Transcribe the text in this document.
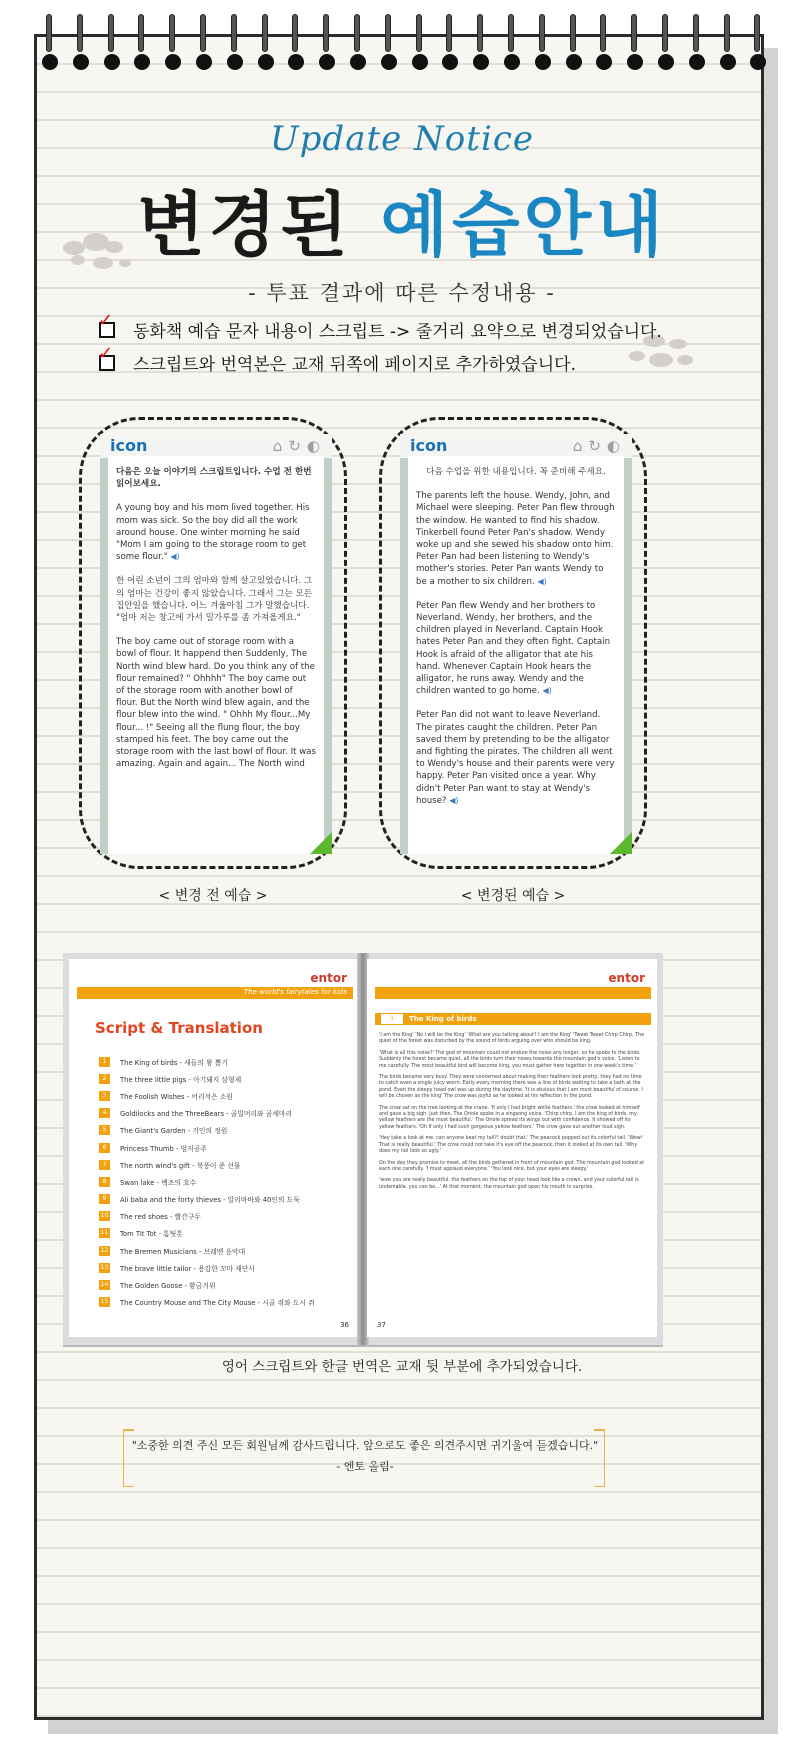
Update Notice
변경된 예습안내
- 투표 결과에 따른 수정내용 -
✓
동화책 예습 문자 내용이 스크립트 -> 줄거리 요약으로 변경되었습니다.
✓
스크립트와 번역본은 교재 뒤쪽에 페이지로 추가하였습니다.
icon	⌂↻◐

다음은 오늘 이야기의 스크립트입니다. 수업 전 한번 읽어보세요.

A young boy and his mom lived together. His mom was sick. So the boy did all the work around house. One winter morning he said "Mom I am going to the storage room to get some flour." ◀)

한 어린 소년이 그의 엄마와 함께 살고있었습니다. 그의 엄마는 건강이 좋지 않았습니다. 그래서 그는 모든 집안일을 했습니다. 어느 겨울아침 그가 말했습니다. "엄마 저는 창고에 가서 밀가루를 좀 가져올게요."

The boy came out of storage room with a bowl of flour. It happend then Suddenly, The North wind blew hard. Do you think any of the flour remained? " Ohhhh" The boy came out of the storage room with another bowl of flour. But the North wind blew again, and the flour blew into the wind. " Ohhh My flour...My flour... !" Seeing all the flung flour, the boy stamped his feet. The boy came out the storage room with the last bowl of flour. It was amazing. Again and again... The North wind

< 변경 전 예습 >
icon	⌂↻◐

다음 수업을 위한 내용입니다. 꼭 준비해 주세요.

The parents left the house. Wendy, John, and Michael were sleeping. Peter Pan flew through the window. He wanted to find his shadow. Tinkerbell found Peter Pan's shadow. Wendy woke up and she sewed his shadow onto him. Peter Pan had been listening to Wendy's mother's stories. Peter Pan wants Wendy to be a mother to six children. ◀)

Peter Pan flew Wendy and her brothers to Neverland. Wendy, her brothers, and the children played in Neverland. Captain Hook hates Peter Pan and they often fight. Captain Hook is afraid of the alligator that ate his hand. Whenever Captain Hook hears the alligator, he runs away. Wendy and the children wanted to go home. ◀)

Peter Pan did not want to leave Neverland. The pirates caught the children. Peter Pan saved them by pretending to be the alligator and fighting the pirates. The children all went to Wendy's house and their parents were very happy. Peter Pan visited once a year. Why didn't Peter Pan want to stay at Wendy's house? ◀)

< 변경된 예습 >
entor
The world's fairytales for kids
Script & Translation
1	The King of birds - 새들의 왕 뽑기
2	The three little pigs - 아기돼지 삼형제
3	The Foolish Wishes - 어리석은 소원
4	Goldilocks and the ThreeBears - 골빌머리와 곰세마리
5	The Giant's Garden - 거인의 정원
6	Princess Thumb - 엄지공주
7	The north wind's gift - 북풍이 준 선물
8	Swan lake - 백조의 호수
9	Ali baba and the forty thieves - 알리바바와 40인의 도둑
10 The red shoes - 빨간구두
11 Tom Tit Tot - 톰팃톳
12 The Bremen Musicians - 브레멘 음악대
13 The brave little tailor - 용감한 꼬마 재단사
14 The Golden Goose - 황금거위
15 The Country Mouse and The City Mouse - 시골 쥐와 도시 쥐
36
entor
1	The King of birds

'I am the King' 'No I will be the King' 'What are you talking about? I am the King' 'Tweet Tweet Chirp Chirp, The quiet of the forest was disturbed by the sound of birds arguing over who should be king.

'What is all this noise?' The god of mountain could not endure the noise any longer, so he spoke to the birds. Suddenly the forest became quiet, all the birds turn their noses towards the mountain god's voice. 'Listen to me carefully. The most beautiful bird will become king, you must gather here together in one week's time.'

The birds became very busy. They were concerned about making their feathers look pretty, they had no time to catch even a single juicy worm. Early every morning there was a line of birds waiting to take a bath at the pond. Even the sleepy head owl was up during the daytime. 'It is obvious that I am most beautiful of course. I will be chosen as the king' The crow was joyful as he looked at his reflection in the pond.

The crow sat on the tree looking at the crane. 'If only I had bright white feathers.' the crow looked at himself and gave a big sigh. Just then, The Oriole spoke in a singsong voice. 'Chirp chirp, I am the king of birds. my yellow feathers are the most beautiful.' The Oriole spread its wings out with confidence. It showed off its yellow feathers. 'Oh if only I had such gorgeous yellow feathers.' The crow gave out another loud sigh.

'Hey take a look at me. can anyone beat my tail?! doubt that.' The peacock popped out its colorful tail. 'Wow! That is really beautiful.' The crow could not take it's eye off the peacock, then it looked at its own tail. 'Why does my tail look so ugly.'

On the day they promise to meet, all the birds gathered in front of mountain god. The mountain god looked at each one carefully. 'I must applaud everyone.' 'You look nice, but your eyes are sleepy.'

'wow you are really beautiful. the feathers on the top of your head look like a crown, and your colorful tail is undeniable. you can be...' At that moment, the mountain god open his mouth in surprise.

37
영어 스크립트와 한글 번역은 교재 뒷 부분에 추가되었습니다.
"소중한 의견 주신 모든 회원님께 감사드립니다. 앞으로도 좋은 의견주시면 귀기울여 듣겠습니다."
- 엔토 올림-
